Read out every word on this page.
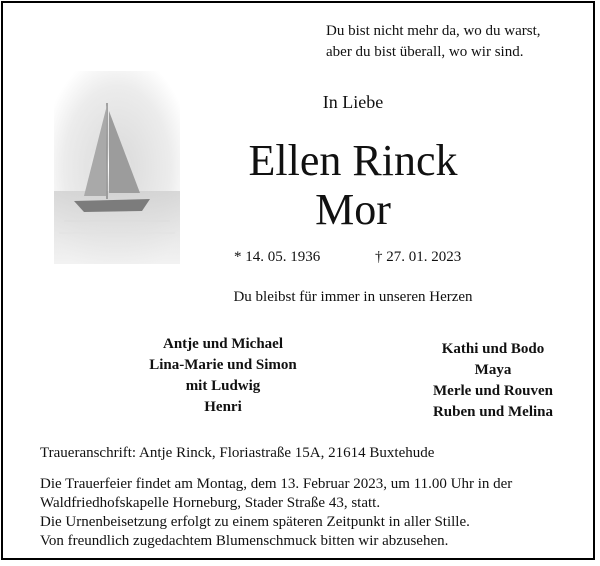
Du bist nicht mehr da, wo du warst,
aber du bist überall, wo wir sind.
In Liebe
Ellen Rinck
Mor
* 14. 05. 1936	† 27. 01. 2023
Du bleibst für immer in unseren Herzen
Antje und Michael
Lina-Marie und Simon
mit Ludwig
Henri
Kathi und Bodo
Maya
Merle und Rouven
Ruben und Melina
Traueranschrift: Antje Rinck, Floriastraße 15A, 21614 Buxtehude
Die Trauerfeier findet am Montag, dem 13. Februar 2023, um 11.00 Uhr in der
Waldfriedhofskapelle Horneburg, Stader Straße 43, statt.
Die Urnenbeisetzung erfolgt zu einem späteren Zeitpunkt in aller Stille.
Von freundlich zugedachtem Blumenschmuck bitten wir abzusehen.
